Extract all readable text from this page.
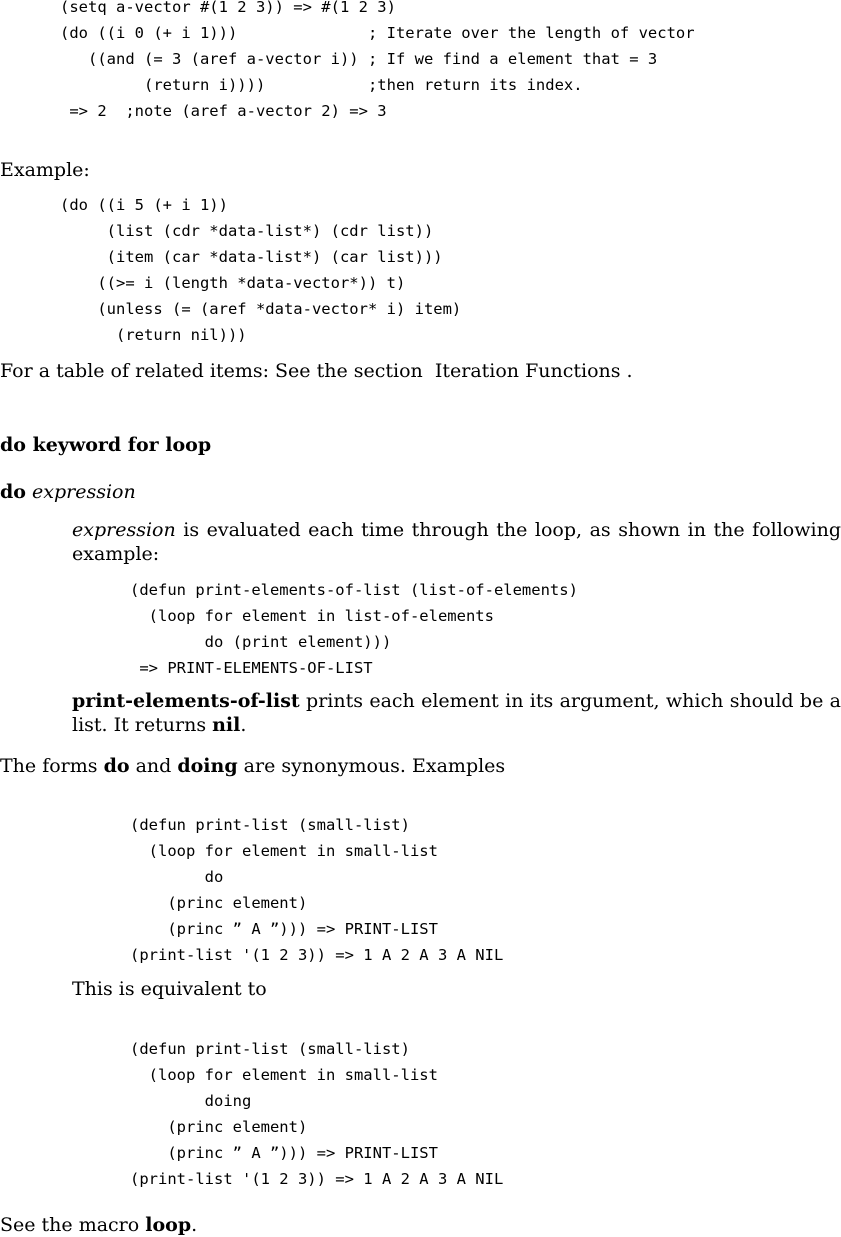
(setq a-vector #(1 2 3)) => #(1 2 3)
(do ((i 0 (+ i 1)))              ; Iterate over the length of vector
((and (= 3 (aref a-vector i)) ; If we find a element that = 3
(return i))))           ;then return its index.
=> 2  ;note (aref a-vector 2) => 3
Example:
(do ((i 5 (+ i 1))
(list (cdr *data-list*) (cdr list))
(item (car *data-list*) (car list)))
((>= i (length *data-vector*)) t)
(unless (= (aref *data-vector* i) item)
(return nil)))
For a table of related items: See the section  Iteration Functions .
do keyword for loop
do expression
expression is evaluated each time through the loop, as shown in the following example:
(defun print-elements-of-list (list-of-elements)
(loop for element in list-of-elements
do (print element)))
=> PRINT-ELEMENTS-OF-LIST
print-elements-of-list prints each element in its argument, which should be a list. It returns nil.
The forms do and doing are synonymous. Examples
(defun print-list (small-list)
(loop for element in small-list
do
(princ element)
(princ ” A ”))) => PRINT-LIST
(print-list '(1 2 3)) => 1 A 2 A 3 A NIL
This is equivalent to
(defun print-list (small-list)
(loop for element in small-list
doing
(princ element)
(princ ” A ”))) => PRINT-LIST
(print-list '(1 2 3)) => 1 A 2 A 3 A NIL
See the macro loop.
